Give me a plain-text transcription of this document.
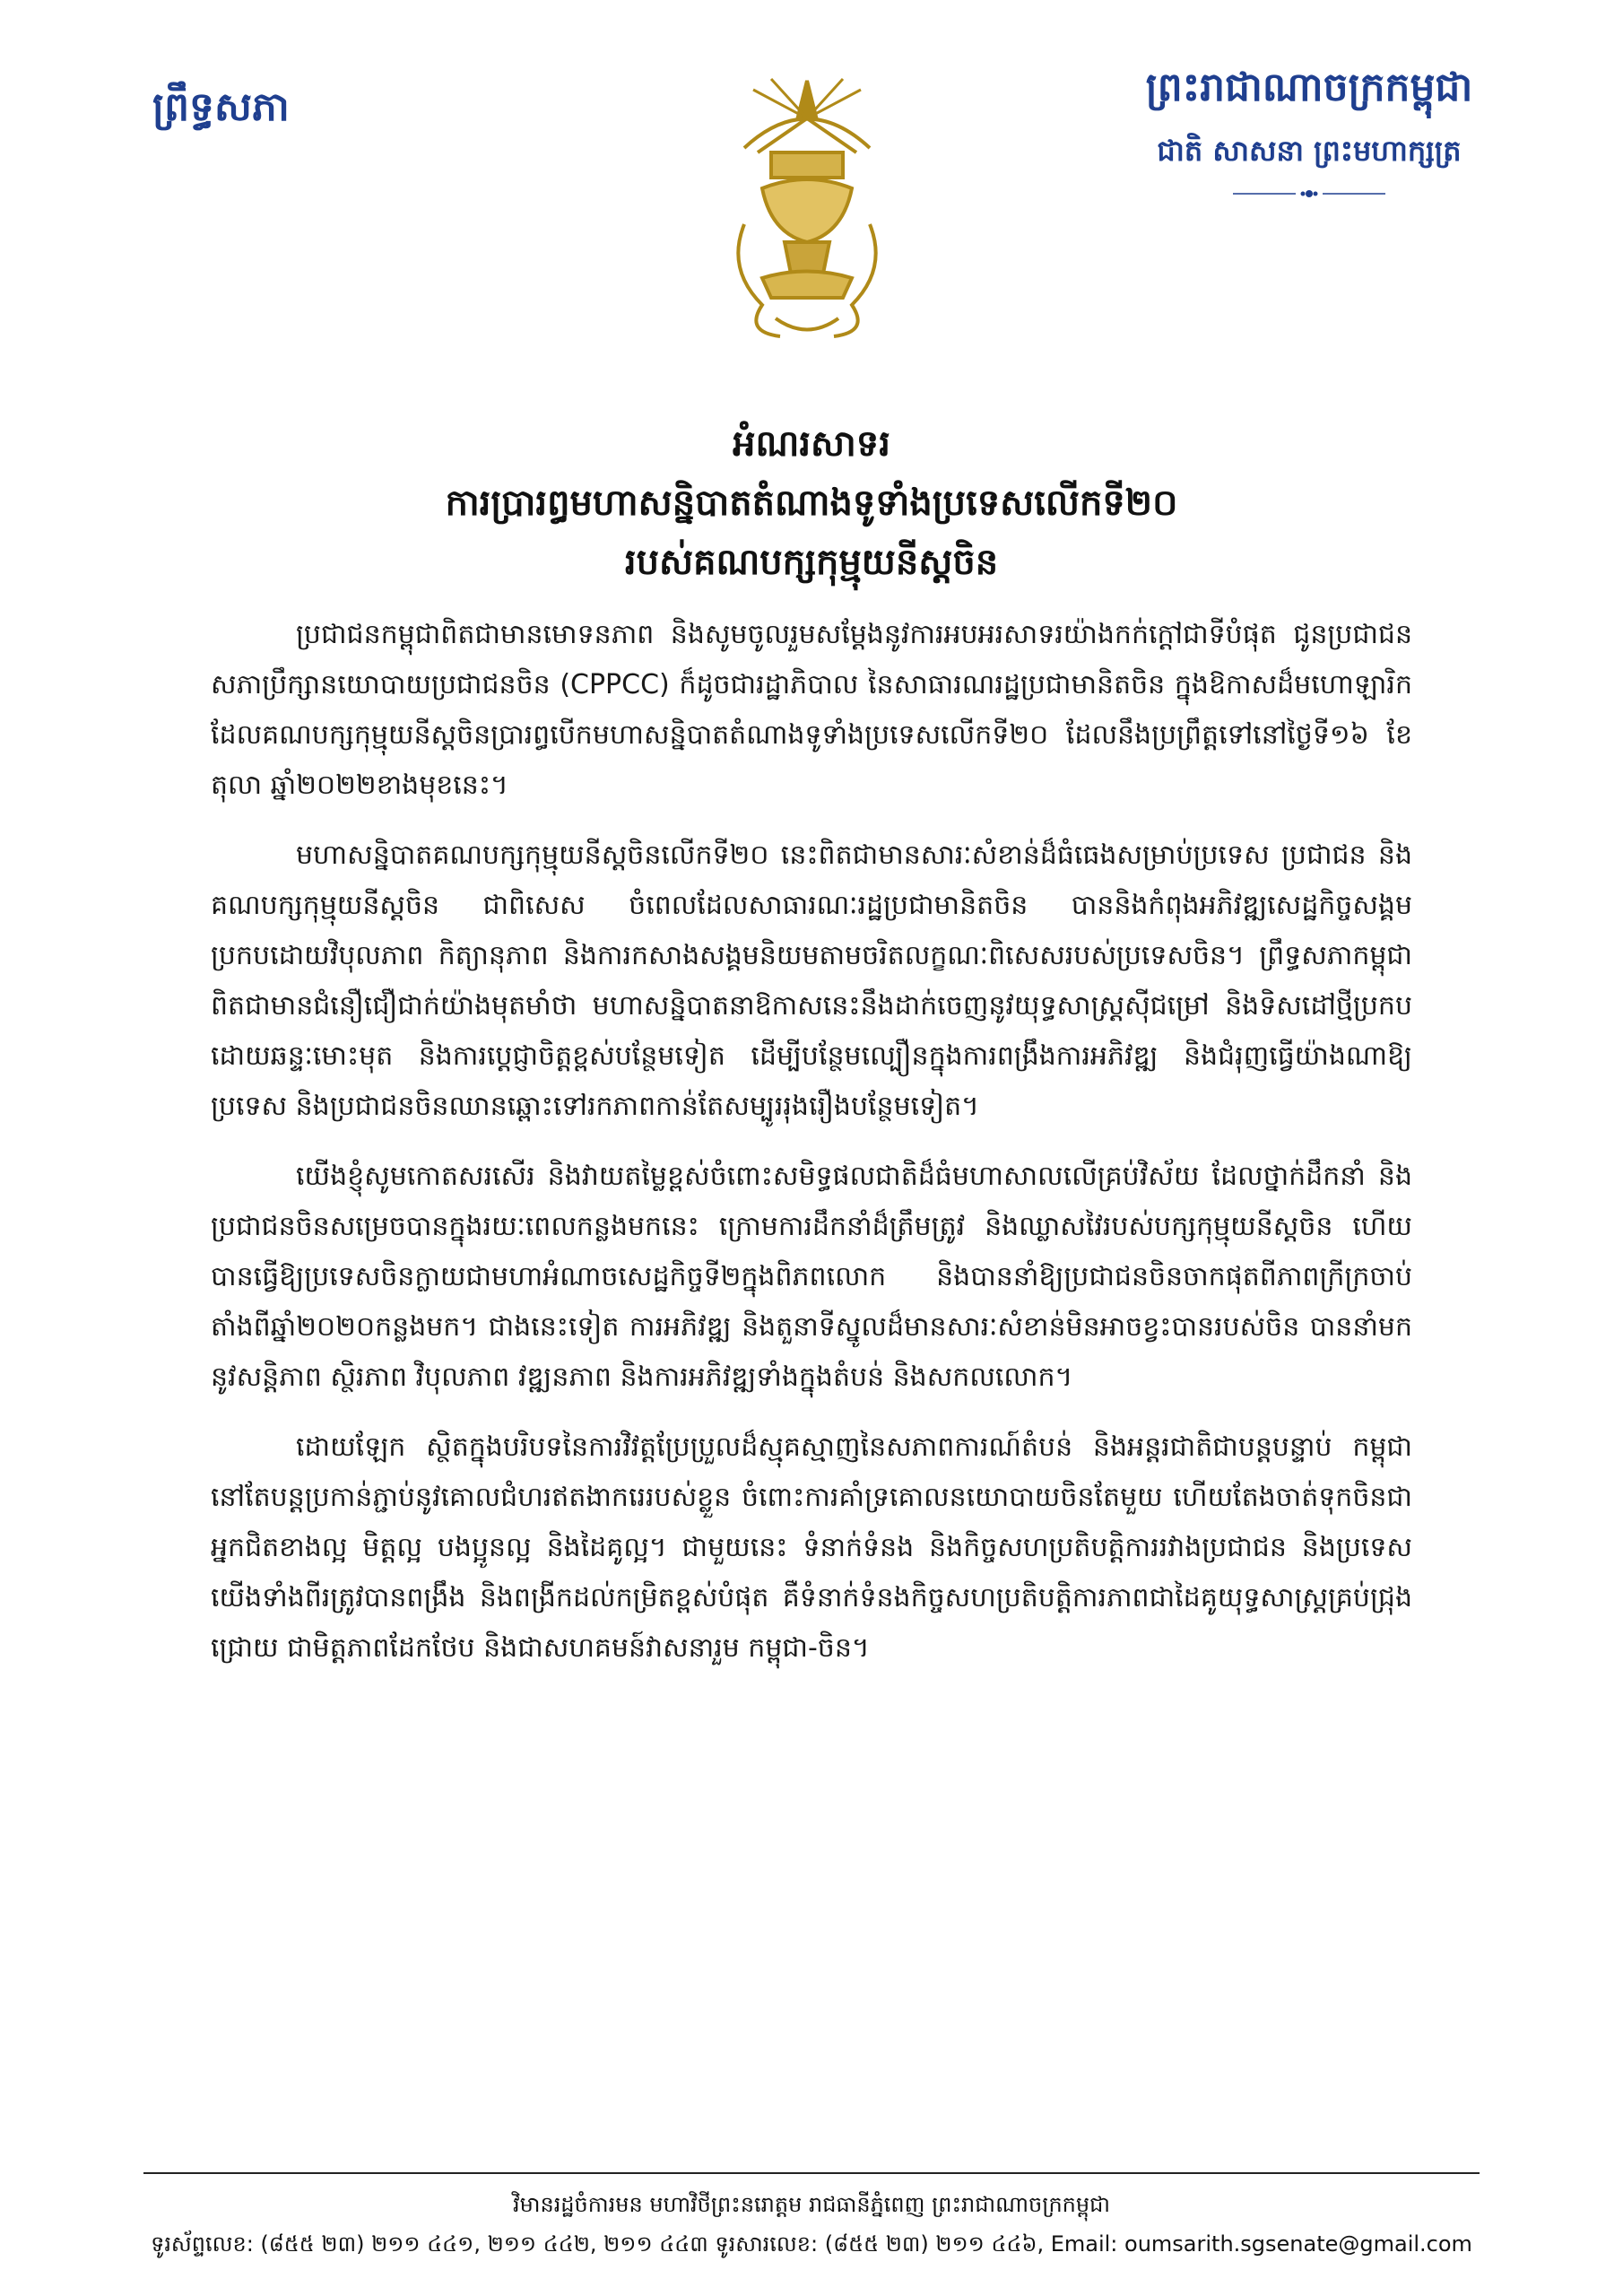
ព្រឹទ្ធសភា	ព្រះរាជាណាចក្រកម្ពុជា
ជាតិ សាសនា ព្រះមហាក្សត្រ
អំណរសាទរ
ការប្រារព្ធមហាសន្និបាតតំណាងទូទាំងប្រទេសលើកទី២០
របស់គណបក្សកុម្មុយនីស្តចិន

ប្រជាជនកម្ពុជាពិតជាមានមោទនភាព និងសូមចូលរួមសម្តែងនូវការអបអរសាទរយ៉ាងកក់ក្តៅជាទីបំផុត ជូនប្រជាជន សភាប្រឹក្សានយោបាយប្រជាជនចិន (CPPCC) ក៏ដូចជារដ្ឋាភិបាល នៃសាធារណរដ្ឋប្រជាមានិតចិន ក្នុងឱកាសដ៏មហោឡារិក ដែលគណបក្សកុម្មុយនីស្តចិនប្រារព្ធបើកមហាសន្និបាតតំណាងទូទាំងប្រទេសលើកទី២០ ដែលនឹងប្រព្រឹត្តទៅនៅថ្ងៃទី១៦ ខែតុលា ឆ្នាំ២០២២ខាងមុខនេះ។

មហាសន្និបាតគណបក្សកុម្មុយនីស្តចិនលើកទី២០ នេះពិតជាមានសារៈសំខាន់ដ៏ធំធេងសម្រាប់ប្រទេស ប្រជាជន និងគណបក្សកុម្មុយនីស្តចិន ជាពិសេស ចំពេលដែលសាធារណៈរដ្ឋប្រជាមានិតចិន បាននិងកំពុងអភិវឌ្ឍសេដ្ឋកិច្ចសង្គមប្រកបដោយវិបុលភាព កិត្យានុភាព និងការកសាងសង្គមនិយមតាមចរិតលក្ខណៈពិសេសរបស់ប្រទេសចិន។ ព្រឹទ្ធសភាកម្ពុជា ពិតជាមានជំនឿជឿជាក់យ៉ាងមុតមាំថា មហាសន្និបាតនាឱកាសនេះនឹងដាក់ចេញនូវយុទ្ធសាស្ត្រស៊ីជម្រៅ និងទិសដៅថ្មីប្រកបដោយឆន្ទៈមោះមុត និងការប្តេជ្ញាចិត្តខ្ពស់បន្ថែមទៀត ដើម្បីបន្ថែមល្បឿនក្នុងការពង្រឹងការអភិវឌ្ឍ និងជំរុញធ្វើយ៉ាងណាឱ្យប្រទេស និងប្រជាជនចិនឈានឆ្ពោះទៅរកភាពកាន់តែសម្បូររុងរឿងបន្ថែមទៀត។

យើងខ្ញុំសូមកោតសរសើរ និងវាយតម្លៃខ្ពស់ចំពោះសមិទ្ធផលជាតិដ៏ធំមហាសាលលើគ្រប់វិស័យ ដែលថ្នាក់ដឹកនាំ និងប្រជាជនចិនសម្រេចបានក្នុងរយៈពេលកន្លងមកនេះ ក្រោមការដឹកនាំដ៏ត្រឹមត្រូវ និងឈ្លាសវៃរបស់បក្សកុម្មុយនីស្តចិន ហើយបានធ្វើឱ្យប្រទេសចិនក្លាយជាមហាអំណាចសេដ្ឋកិច្ចទី២ក្នុងពិភពលោក និងបាននាំឱ្យប្រជាជនចិនចាកផុតពីភាពក្រីក្រចាប់តាំងពីឆ្នាំ២០២០កន្លងមក។ ជាងនេះទៀត ការអភិវឌ្ឍ និងតួនាទីស្នូលដ៏មានសារៈសំខាន់មិនអាចខ្វះបានរបស់ចិន បាននាំមកនូវសន្តិភាព ស្ថិរភាព វិបុលភាព វឌ្ឍនភាព និងការអភិវឌ្ឍទាំងក្នុងតំបន់ និងសកលលោក។

ដោយឡែក ស្ថិតក្នុងបរិបទនៃការវិវត្តប្រែប្រួលដ៏ស្មុគស្មាញនៃសភាពការណ៍តំបន់ និងអន្តរជាតិជាបន្តបន្ទាប់ កម្ពុជានៅតែបន្តប្រកាន់ភ្ជាប់នូវគោលជំហរឥតងាករេរបស់ខ្លួន ចំពោះការគាំទ្រគោលនយោបាយចិនតែមួយ ហើយតែងចាត់ទុកចិនជាអ្នកជិតខាងល្អ មិត្តល្អ បងប្អូនល្អ និងដៃគូល្អ។ ជាមួយនេះ ទំនាក់ទំនង និងកិច្ចសហប្រតិបត្តិការរវាងប្រជាជន និងប្រទេសយើងទាំងពីរត្រូវបានពង្រឹង និងពង្រីកដល់កម្រិតខ្ពស់បំផុត គឺទំនាក់ទំនងកិច្ចសហប្រតិបត្តិការភាពជាដៃគូយុទ្ធសាស្ត្រគ្រប់ជ្រុងជ្រោយ ជាមិត្តភាពដែកថែប និងជាសហគមន៍វាសនារួម កម្ពុជា-ចិន។

វិមានរដ្ឋចំការមន មហាវិថីព្រះនរោត្តម រាជធានីភ្នំពេញ ព្រះរាជាណាចក្រកម្ពុជា
ទូរស័ព្ទលេខ: (៨៥៥ ២៣) ២១១ ៤៤១, ២១១ ៤៤២, ២១១ ៤៤៣ ទូរសារលេខ: (៨៥៥ ២៣) ២១១ ៤៤៦, Email: oumsarith.sgsenate@gmail.com
